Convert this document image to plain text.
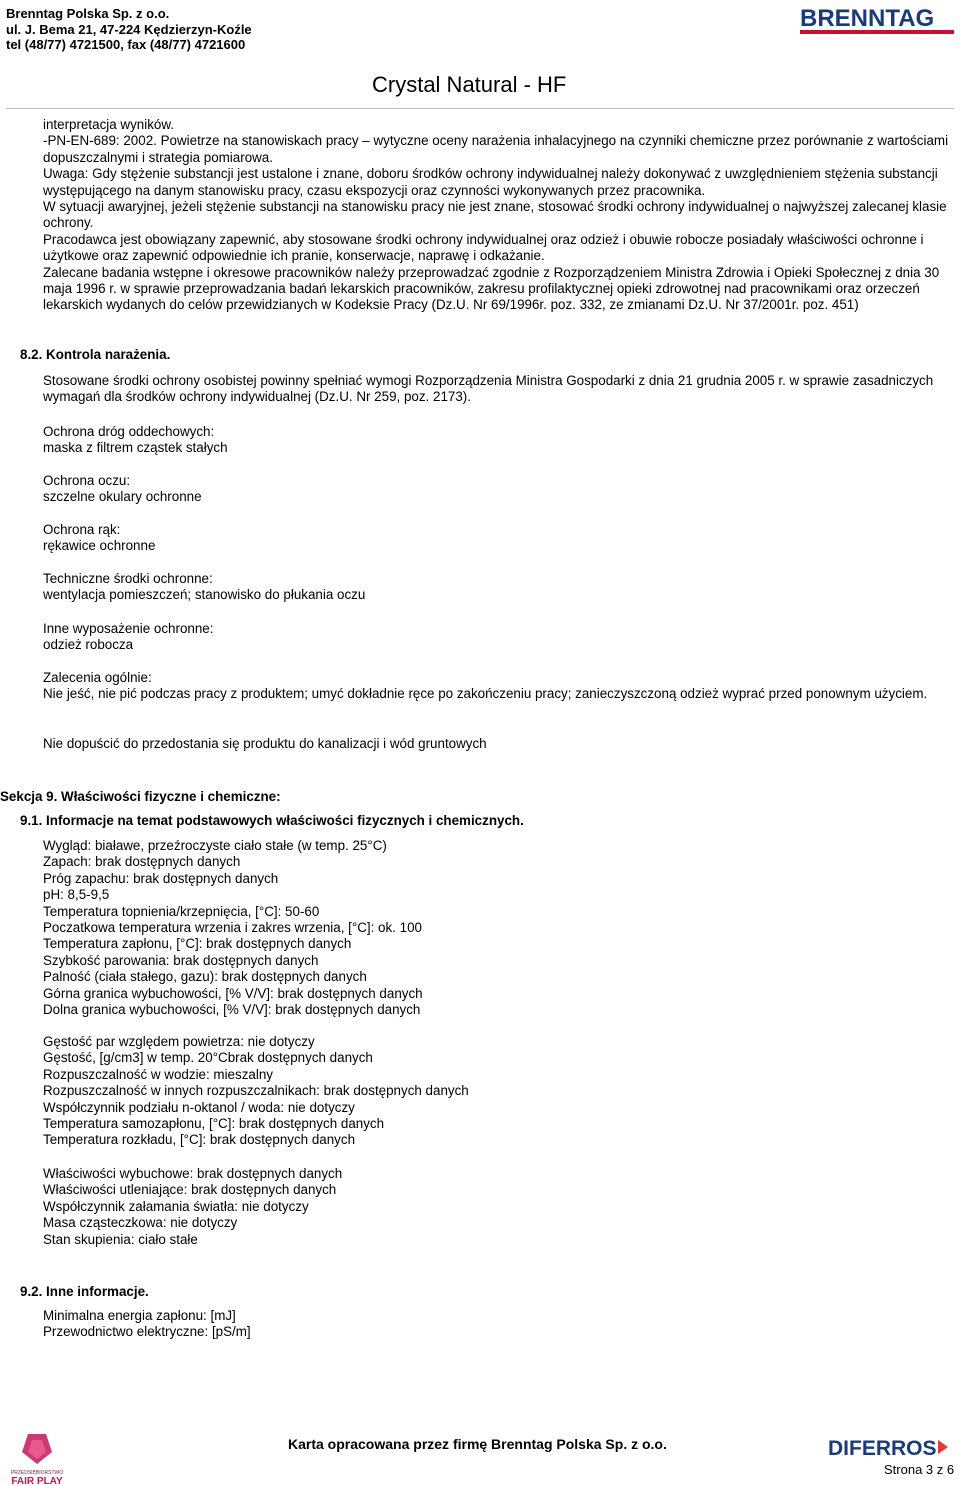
Brenntag Polska Sp. z o.o.
ul. J. Bema 21, 47-224 Kędzierzyn-Koźle
tel (48/77) 4721500, fax (48/77) 4721600
BRENNTAG
Crystal Natural - HF

interpretacja wyników.

-PN-EN-689: 2002. Powietrze na stanowiskach pracy – wytyczne oceny narażenia inhalacyjnego na czynniki chemiczne przez porównanie z wartościami dopuszczalnymi i strategia pomiarowa.

Uwaga: Gdy stężenie substancji jest ustalone i znane, doboru środków ochrony indywidualnej należy dokonywać z uwzględnieniem stężenia substancji występującego na danym stanowisku pracy, czasu ekspozycji oraz czynności wykonywanych przez pracownika.

W sytuacji awaryjnej, jeżeli stężenie substancji na stanowisku pracy nie jest znane, stosować środki ochrony indywidualnej o najwyższej zalecanej klasie ochrony.

Pracodawca jest obowiązany zapewnić, aby stosowane środki ochrony indywidualnej oraz odzież i obuwie robocze posiadały właściwości ochronne i użytkowe oraz zapewnić odpowiednie ich pranie, konserwacje, naprawę i odkażanie.

Zalecane badania wstępne i okresowe pracowników należy przeprowadzać zgodnie z Rozporządzeniem Ministra Zdrowia i Opieki Społecznej z dnia 30 maja 1996 r. w sprawie przeprowadzania badań lekarskich pracowników, zakresu profilaktycznej opieki zdrowotnej nad pracownikami oraz orzeczeń lekarskich wydanych do celów przewidzianych w Kodeksie Pracy (Dz.U. Nr 69/1996r. poz. 332, ze zmianami Dz.U. Nr 37/2001r. poz. 451)

8.2. Kontrola narażenia.

Stosowane środki ochrony osobistej powinny spełniać wymogi Rozporządzenia Ministra Gospodarki z dnia 21 grudnia 2005 r. w sprawie zasadniczych wymagań dla środków ochrony indywidualnej (Dz.U. Nr 259, poz. 2173).

Ochrona dróg oddechowych:
maska z filtrem cząstek stałych
Ochrona oczu:
szczelne okulary ochronne
Ochrona rąk:
rękawice ochronne
Techniczne środki ochronne:
wentylacja pomieszczeń; stanowisko do płukania oczu
Inne wyposażenie ochronne:
odzież robocza
Zalecenia ogólnie:

Nie jeść, nie pić podczas pracy z produktem; umyć dokładnie ręce po zakończeniu pracy; zanieczyszczoną odzież wyprać przed ponownym użyciem.

Nie dopuścić do przedostania się produktu do kanalizacji i wód gruntowych
Sekcja 9. Właściwości fizyczne i chemiczne:
9.1. Informacje na temat podstawowych właściwości fizycznych i chemicznych.
Wygląd: białawe, przeźroczyste ciało stałe (w temp. 25°C)
Zapach: brak dostępnych danych
Próg zapachu: brak dostępnych danych
pH: 8,5-9,5
Temperatura topnienia/krzepnięcia, [°C]: 50-60
Poczatkowa temperatura wrzenia i zakres wrzenia, [°C]: ok. 100
Temperatura zapłonu, [°C]: brak dostępnych danych
Szybkość parowania: brak dostępnych danych
Palność (ciała stałego, gazu): brak dostępnych danych
Górna granica wybuchowości, [% V/V]: brak dostępnych danych
Dolna granica wybuchowości, [% V/V]: brak dostępnych danych
Gęstość par względem powietrza: nie dotyczy
Gęstość, [g/cm3] w temp. 20°Cbrak dostępnych danych
Rozpuszczalność w wodzie: mieszalny
Rozpuszczalność w innych rozpuszczalnikach: brak dostępnych danych
Współczynnik podziału n-oktanol / woda: nie dotyczy
Temperatura samozapłonu, [°C]: brak dostępnych danych
Temperatura rozkładu, [°C]: brak dostępnych danych
Właściwości wybuchowe: brak dostępnych danych
Właściwości utleniające: brak dostępnych danych
Współczynnik załamania światła: nie dotyczy
Masa cząsteczkowa: nie dotyczy
Stan skupienia: ciało stałe
9.2. Inne informacje.
Minimalna energia zapłonu: [mJ]
Przewodnictwo elektryczne: [pS/m]
PRZEDSIĘBIORSTWO
FAIR PLAY
Karta opracowana przez firmę Brenntag Polska Sp. z o.o.	DIFERROS
Strona 3 z 6
